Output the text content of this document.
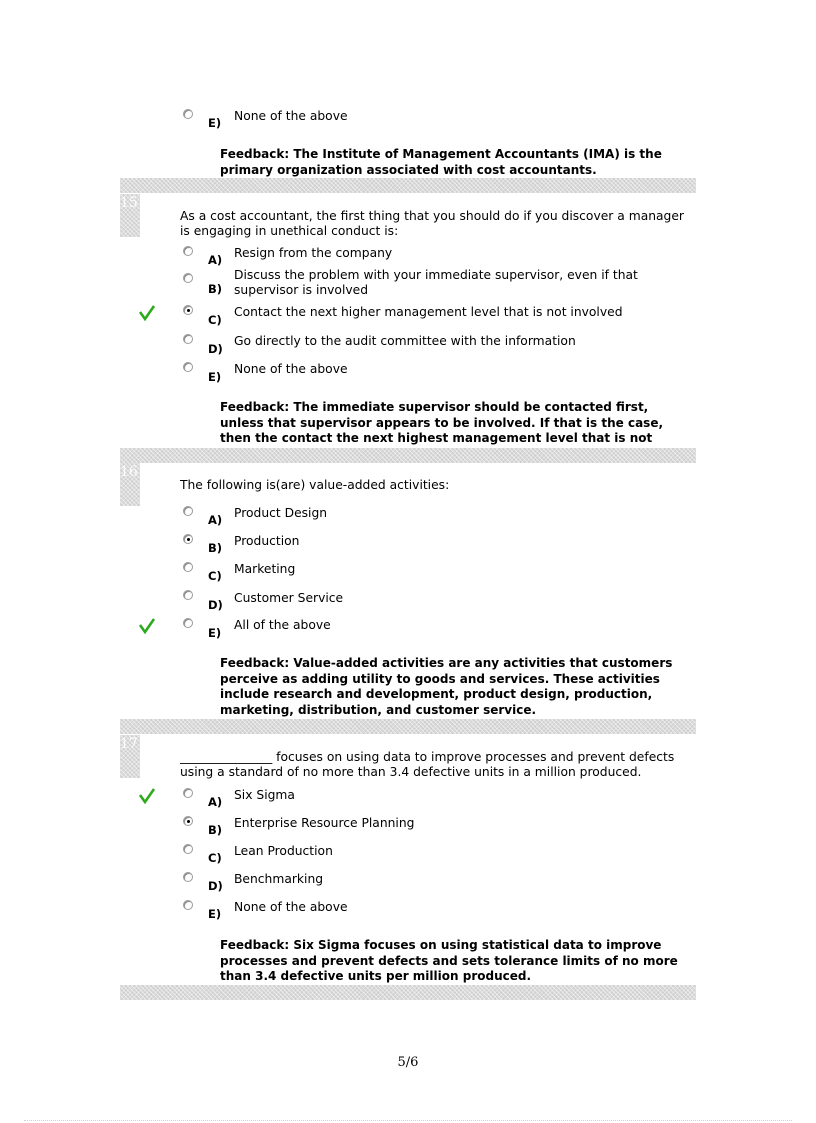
E) None of the above
Feedback: The Institute of Management Accountants (IMA) is the primary organization associated with cost accountants.
15
As a cost accountant, the first thing that you should do if you discover a manager is engaging in unethical conduct is:
A) Resign from the company
B)
Discuss the problem with your immediate supervisor, even if that supervisor is involved
C)
Contact the next higher management level that is not involved
D)
Go directly to the audit committee with the information
E)
None of the above
Feedback: The immediate supervisor should be contacted first, unless that supervisor appears to be involved. If that is the case, then the contact the next highest management level that is not
16
The following is(are) value-added activities:
A) Product Design
B) Production
C) Marketing
D) Customer Service
E)
All of the above
Feedback: Value-added activities are any activities that customers perceive as adding utility to goods and services. These activities include research and development, product design, production, marketing, distribution, and customer service.
17
_______________ focuses on using data to improve processes and prevent defects using a standard of no more than 3.4 defective units in a million produced.
A) Six Sigma
B) Enterprise Resource Planning
C) Lean Production
D) Benchmarking
E) None of the above
Feedback: Six Sigma focuses on using statistical data to improve processes and prevent defects and sets tolerance limits of no more than 3.4 defective units per million produced.
5/6
